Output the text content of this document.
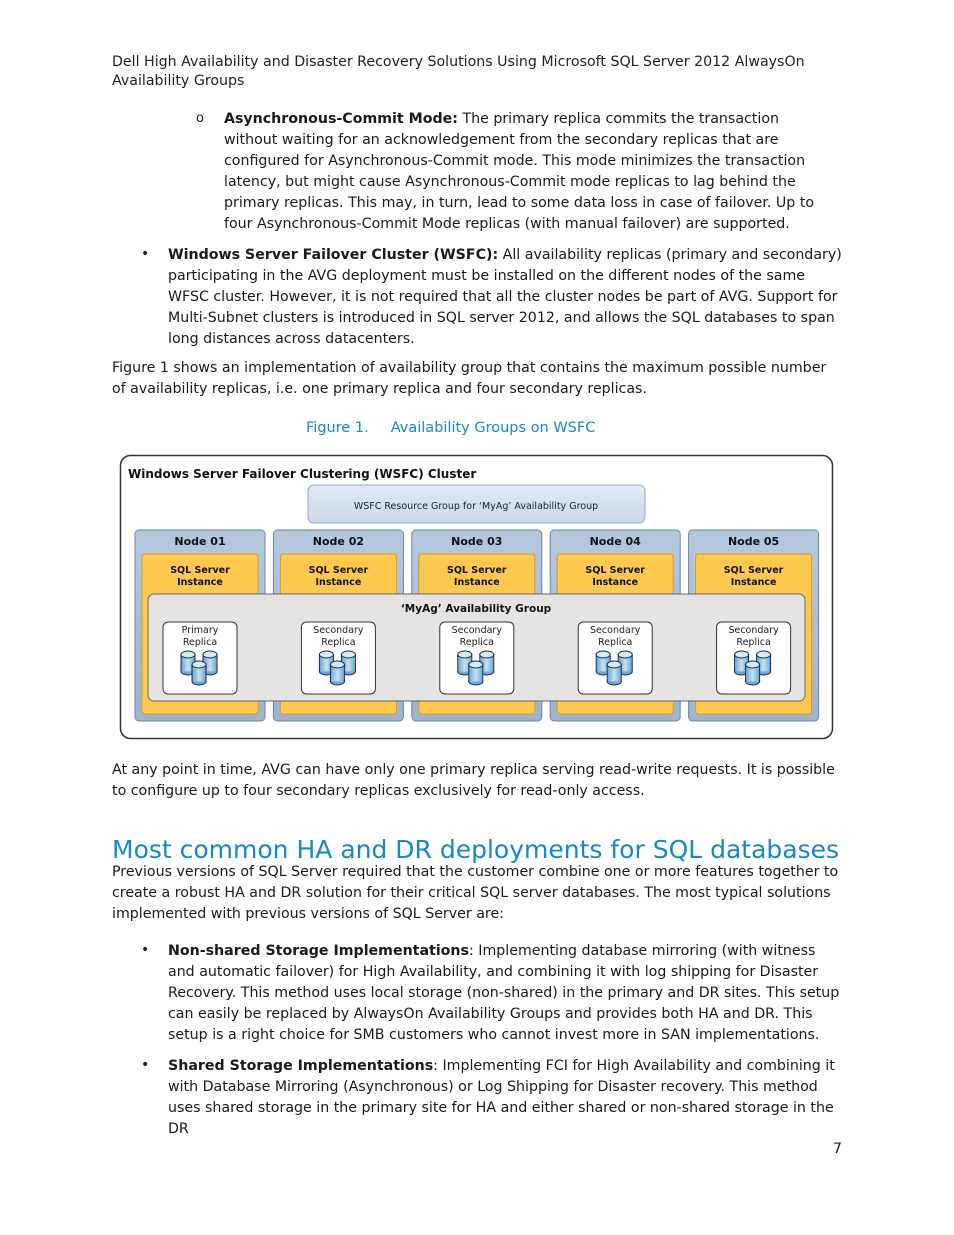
Dell High Availability and Disaster Recovery Solutions Using Microsoft SQL Server 2012 AlwaysOn
Availability Groups
o Asynchronous-Commit Mode: The primary replica commits the transaction without waiting for an acknowledgement from the secondary replicas that are configured for Asynchronous-Commit mode. This mode minimizes the transaction latency, but might cause Asynchronous-Commit mode replicas to lag behind the primary replicas. This may, in turn, lead to some data loss in case of failover. Up to four Asynchronous-Commit Mode replicas (with manual failover) are supported.
• Windows Server Failover Cluster (WSFC): All availability replicas (primary and secondary) participating in the AVG deployment must be installed on the different nodes of the same WFSC cluster. However, it is not required that all the cluster nodes be part of AVG. Support for Multi-Subnet clusters is introduced in SQL server 2012, and allows the SQL databases to span long distances across datacenters.
Figure 1 shows an implementation of availability group that contains the maximum possible number of availability replicas, i.e. one primary replica and four secondary replicas.
Figure 1. Availability Groups on WSFC
Windows Server Failover Clustering (WSFC) Cluster
WSFC Resource Group for ‘MyAg’ Availability Group
Node 01
SQL Server
Instance
Node 02
SQL Server
Instance
Node 03
SQL Server
Instance
Node 04
SQL Server
Instance
Node 05
SQL Server
Instance
‘MyAg’ Availability Group
Primary
Replica
Secondary
Replica
Secondary
Replica
Secondary
Replica
Secondary
Replica
At any point in time, AVG can have only one primary replica serving read-write requests. It is possible to configure up to four secondary replicas exclusively for read-only access.
Most common HA and DR deployments for SQL databases
Previous versions of SQL Server required that the customer combine one or more features together to create a robust HA and DR solution for their critical SQL server databases. The most typical solutions implemented with previous versions of SQL Server are:
• Non-shared Storage Implementations: Implementing database mirroring (with witness and automatic failover) for High Availability, and combining it with log shipping for Disaster Recovery. This method uses local storage (non-shared) in the primary and DR sites. This setup can easily be replaced by AlwaysOn Availability Groups and provides both HA and DR. This setup is a right choice for SMB customers who cannot invest more in SAN implementations.
• Shared Storage Implementations: Implementing FCI for High Availability and combining it with Database Mirroring (Asynchronous) or Log Shipping for Disaster recovery. This method uses shared storage in the primary site for HA and either shared or non-shared storage in the DR
7
